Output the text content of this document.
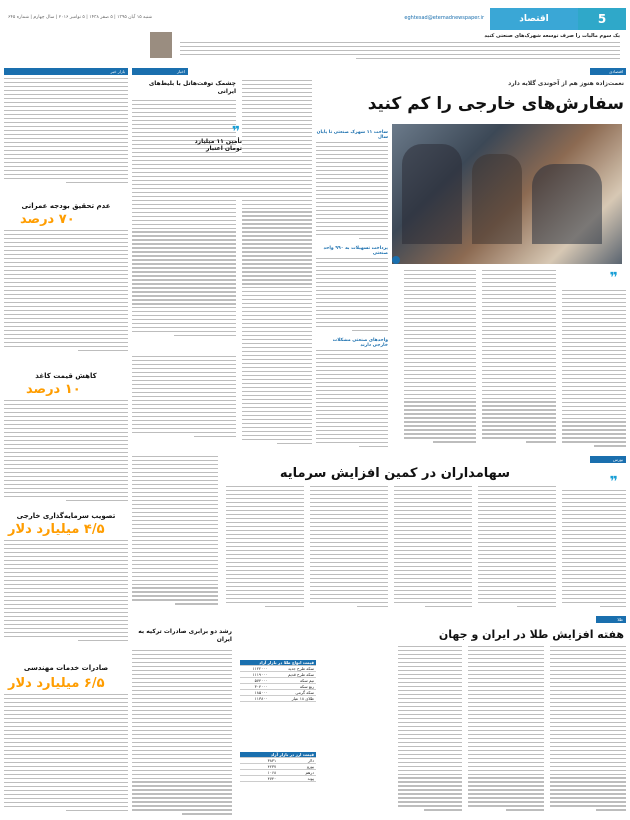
5
اقتصاد
eghtesad@etemadnewspaper.ir
شنبه ۱۵ آبان ۱۳۹۵ | ۵ صفر ۱۴۳۸ | ۵ نوامبر ۲۰۱۶ | سال چهارم | شماره ۶۴۵
یک سوم مالیات را صرف توسعه شهرک‌های صنعتی کنید
بازار خبر
عدم تحقیق بودجه عمرانی
۷۰ درصد
کاهش قیمت کاغذ
۱۰ درصد
تصویب سرمایه‌گذاری خارجی
۴/۵ میلیارد دلار
صادرات خدمات مهندسی
۶/۵ میلیارد دلار
اخبار
چشمک توفت‌هاتل با بلیط‌های ایرانی
❞
تأمین ۱۱ میلیارد تومان اعتبار
اقتصادی
نعمت‌زاده هنوز هم از آخوندی گلایه دارد
سفارش‌های خارجی را کم کنید
❞
ساخت ۱۱ شهرک صنعتی تا پایان سال
پرداخت تسهیلات به ۹۹۰ واحد صنعتی
واحدهای صنعتی مشکلات خارجی دارند
بورس
سهامداران در کمین افزایش سرمایه
❞
طلا
هفته افزایش طلا در ایران و جهان
قیمت انواع طلا در بازار آزاد	
سکه طرح جدید	۱۱۲۲۰۰۰
سکه طرح قدیم	۱۱۱۹۰۰۰
نیم سکه	۵۷۴۰۰۰
ربع سکه	۳۰۴۰۰۰
سکه گرمی	۱۸۵۰۰۰
طلای ۱۸ عیار	۱۱۳۸۰۰
قیمت ارز در بازار آزاد	
دلار	۳۸۳۱
یورو	۴۲۳۷
درهم	۱۰۶۸
پوند	۴۷۴۰
رشد دو برابری صادرات ترکیه به ایران
